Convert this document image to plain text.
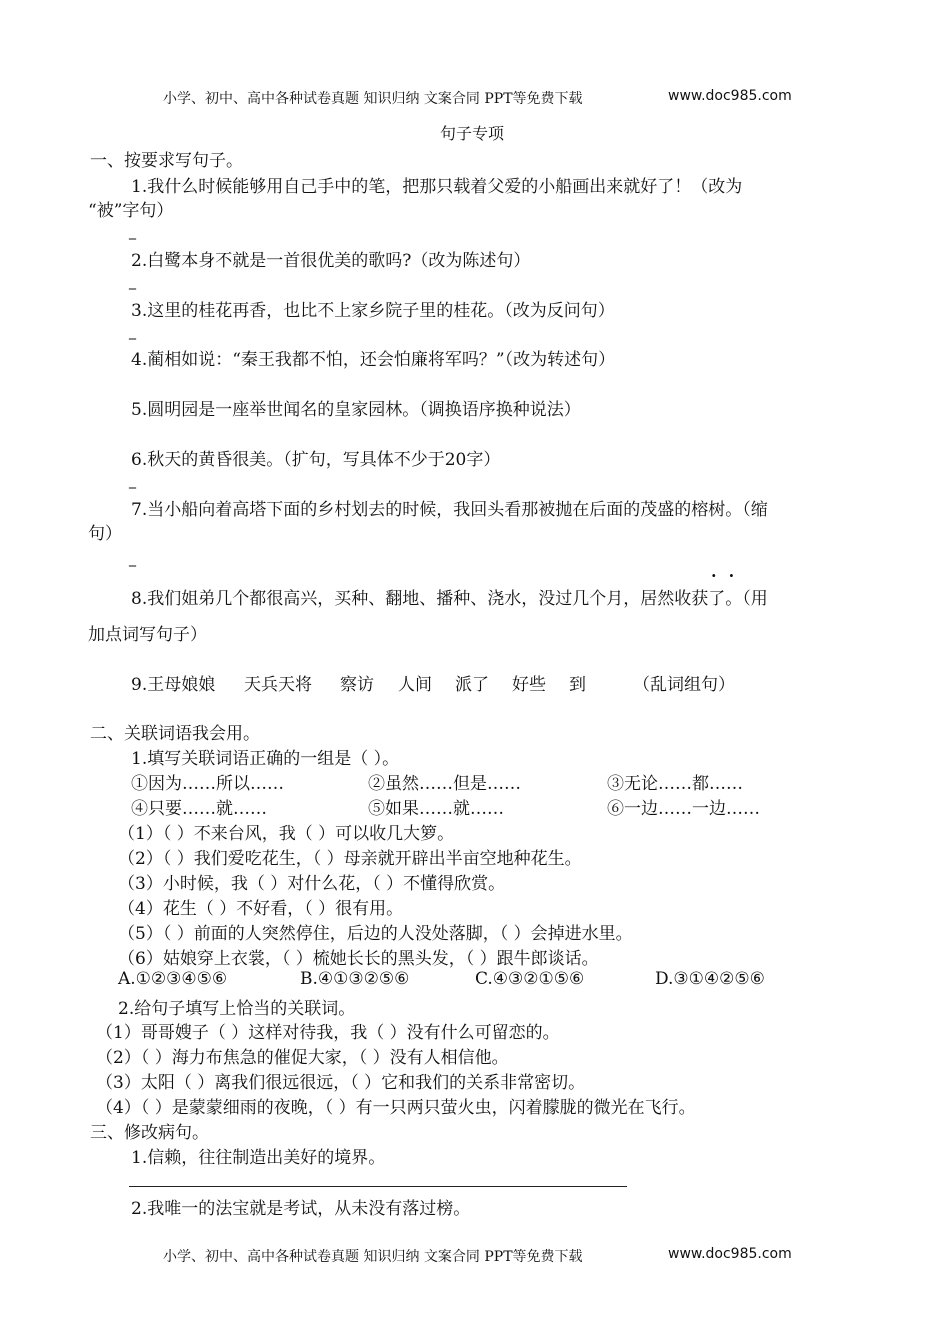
小学、初中、高中各种试卷真题 知识归纳 文案合同 PPT等免费下载	www.doc985.com
句子专项
一、按要求写句子。
1.我什么时候能够用自己手中的笔，把那只载着父爱的小船画出来就好了！（改为
“被”字句）
_
2.白鹭本身不就是一首很优美的歌吗?（改为陈述句）
_
3.这里的桂花再香，也比不上家乡院子里的桂花。（改为反问句）
_
4.蔺相如说：“秦王我都不怕，还会怕廉将军吗？”（改为转述句）
5.圆明园是一座举世闻名的皇家园林。（调换语序换种说法）
6.秋天的黄昏很美。（扩句，写具体不少于20字）
_
7.当小船向着高塔下面的乡村划去的时候，我回头看那被抛在后面的茂盛的榕树。（缩
句）
_
··
8.我们姐弟几个都很高兴，买种、翻地、播种、浇水，没过几个月，居然收获了。（用
加点词写句子）
9.王母娘娘 天兵天将 察访 人间 派了 好些 到	（乱词组句）
二、关联词语我会用。
1.填写关联词语正确的一组是（ ）。
①因为……所以……	②虽然……但是……	③无论……都……
④只要……就……	⑤如果……就……	⑥一边……一边……
（1）（ ）不来台风，我（ ）可以收几大箩。
（2）（ ）我们爱吃花生，（ ）母亲就开辟出半亩空地种花生。
（3）小时候，我（ ）对什么花，（ ）不懂得欣赏。
（4）花生（ ）不好看，（ ）很有用。
（5）（ ）前面的人突然停住，后边的人没处落脚，（ ）会掉进水里。
（6）姑娘穿上衣裳，（ ）梳她长长的黑头发，（ ）跟牛郎谈话。
A.①②③④⑤⑥	B.④①③②⑤⑥	C.④③②①⑤⑥	D.③①④②⑤⑥
2.给句子填写上恰当的关联词。
（1）哥哥嫂子（ ）这样对待我，我（ ）没有什么可留恋的。
（2）（ ）海力布焦急的催促大家，（ ）没有人相信他。
（3）太阳（ ）离我们很远很远，（ ）它和我们的关系非常密切。
（4）（ ）是蒙蒙细雨的夜晚，（ ）有一只两只萤火虫，闪着朦胧的微光在飞行。
三、修改病句。
1.信赖，往往制造出美好的境界。
2.我唯一的法宝就是考试，从未没有落过榜。
小学、初中、高中各种试卷真题 知识归纳 文案合同 PPT等免费下载	www.doc985.com
